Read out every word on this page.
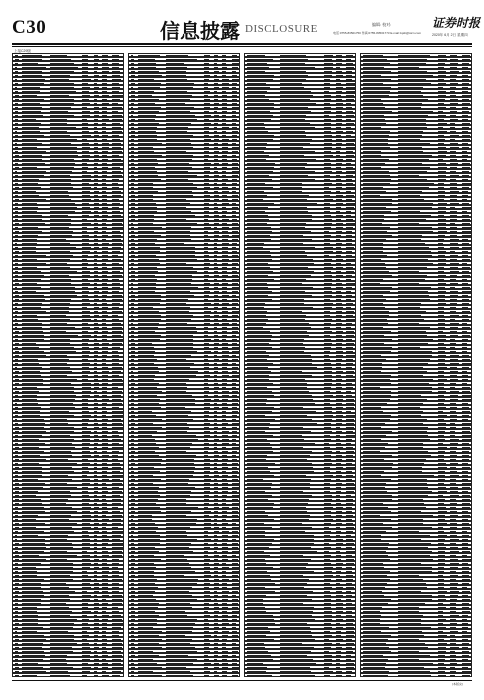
C30	信息披露 DISCLOSURE	编辑: 校对:
电话:0755-83501750 传真:0755-83501773 E-mail:zqsb@stcn.com
证券时报
2020年 6月 2日 星期四
上接C29版
(本版完)
